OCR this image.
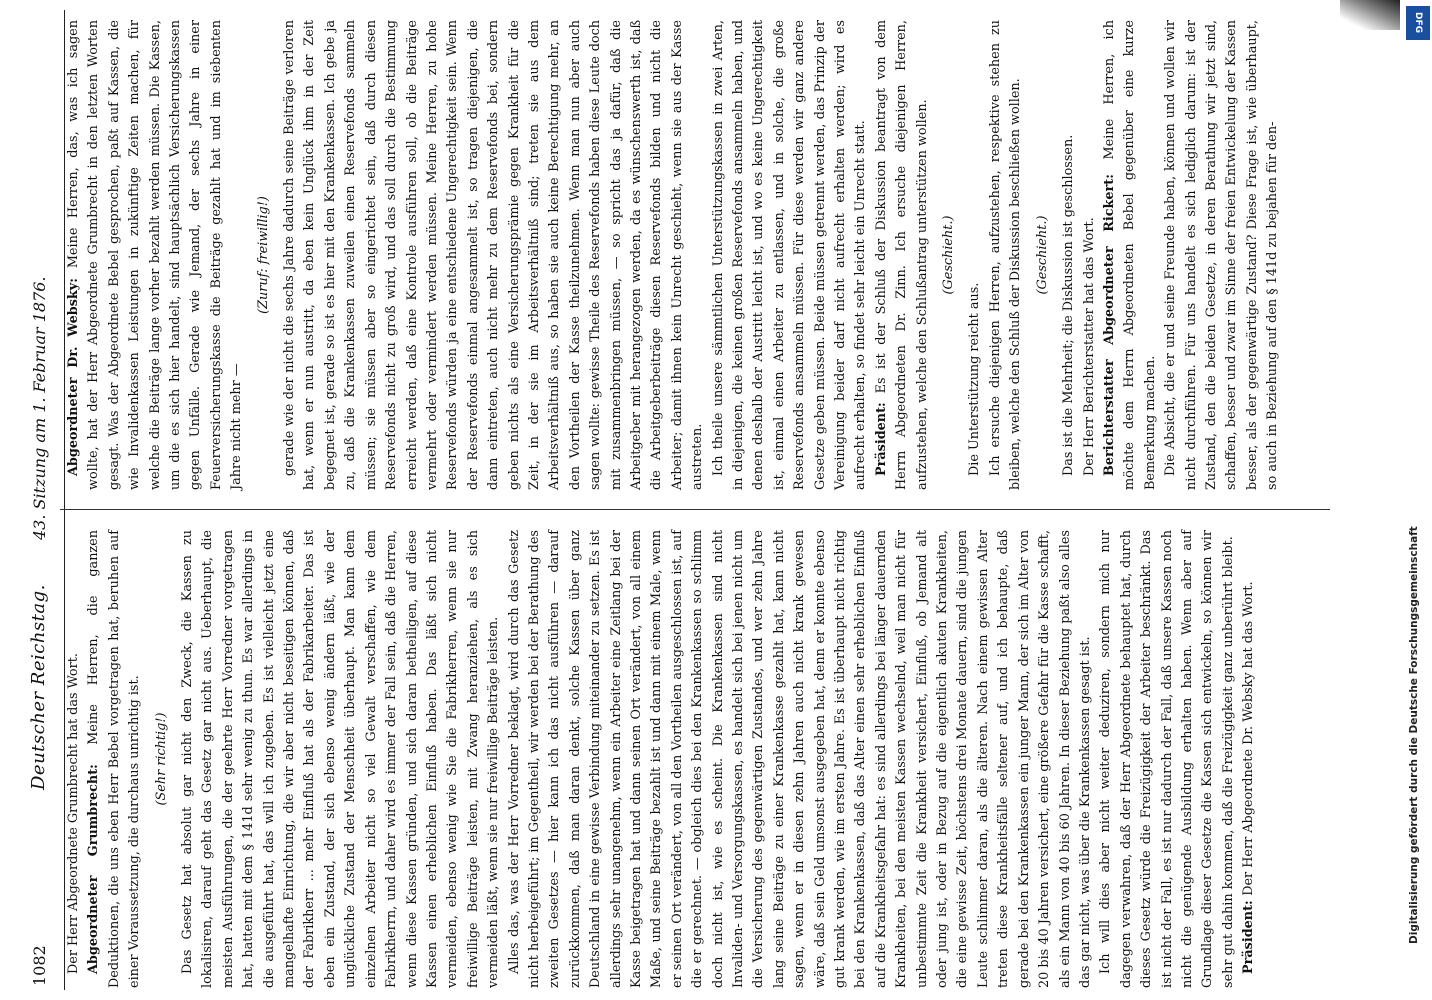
1082
Deutscher Reichstag.
43. Sitzung am 1. Februar 1876.

Der Herr Abgeordnete Grumbrecht hat das Wort. Abgeordneter Grumbrecht: Meine Herren, die ganzen Deduktionen, die uns eben Herr Bebel vorgetragen hat, beruhen auf einer Voraussetzung, die durchaus unrichtig ist. (Sehr richtig!) Das Gesetz hat absolut gar nicht den Zweck, die Kassen zu lokalisiren, darauf geht das Gesetz gar nicht aus. Ueberhaupt, die meisten Ausführungen, die der geehrte Herr Vorredner vorgetragen hat, hatten mit dem § 141d sehr wenig zu thun. Es war allerdings in die ausgeführt hat, das will ich zugeben. Es ist vielleicht jetzt eine mangelhafte Einrichtung, die wir aber nicht beseitigen können, daß der Fabrikherr ... mehr Einfluß hat als der Fabrikarbeiter. Das ist eben ein Zustand, der sich ebenso wenig ändern läßt, wie der unglückliche Zustand der Menschheit überhaupt. Man kann dem einzelnen Arbeiter nicht so viel Gewalt verschaffen, wie dem Fabrikherrn, und daher wird es immer der Fall sein, daß die Herren, wenn diese Kassen gründen, und sich daran betheiligen, auf diese Kassen einen erheblichen Einfluß haben. Das läßt sich nicht vermeiden, ebenso wenig wie Sie die Fabrikherren, wenn sie nur freiwillige Beiträge leisten, mit Zwang heranziehen, als es sich vermeiden läßt, wenn sie nur freiwillige Beiträge leisten. Alles das, was der Herr Vorredner beklagt, wird durch das Gesetz nicht herbeigeführt; im Gegentheil, wir werden bei der Berathung des zweiten Gesetzes — hier kann ich das nicht ausführen — darauf zurückkommen, daß man daran denkt, solche Kassen über ganz Deutschland in eine gewisse Verbindung miteinander zu setzen. Es ist allerdings sehr unangenehm, wenn ein Arbeiter eine Zeitlang bei der Kasse beigetragen hat und dann seinen Ort verändert, von all einem Maße, und seine Beiträge bezahlt ist und dann mit einem Male, wenn er seinen Ort verändert, von all den Vortheilen ausgeschlossen ist, auf die er gerechnet. — obgleich dies bei den Krankenkassen so schlimm doch nicht ist, wie es scheint. Die Krankenkassen sind nicht Invaliden- und Versorgungskassen, es handelt sich bei jenen nicht um die Versicherung des gegenwärtigen Zustandes, und wer zehn Jahre lang seine Beiträge zu einer Krankenkasse gezahlt hat, kann nicht sagen, wenn er in diesen zehn Jahren auch nicht krank gewesen wäre, daß sein Geld umsonst ausgegeben hat, denn er konnte ebenso gut krank werden, wie im ersten Jahre. Es ist überhaupt nicht richtig bei den Krankenkassen, daß das Alter einen sehr erheblichen Einfluß auf die Krankheitsgefahr hat: es sind allerdings bei länger dauernden Krankheiten, bei den meisten Kassen wechselnd, weil man nicht für unbestimmte Zeit die Krankheit versichert, Einfluß, ob Jemand alt oder jung ist, oder in Bezug auf die eigentlich akuten Krankheiten, die eine gewisse Zeit, höchstens drei Monate dauern, sind die jungen Leute schlimmer daran, als die älteren. Nach einem gewissen Alter treten diese Krankheitsfälle seltener auf, und ich behaupte, daß gerade bei den Krankenkassen ein junger Mann, der sich im Alter von 20 bis 40 Jahren versichert, eine größere Gefahr für die Kasse schafft, als ein Mann von 40 bis 60 Jahren. In dieser Beziehung paßt also alles das gar nicht, was über die Krankenkassen gesagt ist. Ich will dies aber nicht weiter deduziren, sondern mich nur dagegen verwahren, daß der Herr Abgeordnete behauptet hat, durch dieses Gesetz würde die Freizügigkeit der Arbeiter beschränkt. Das ist nicht der Fall, es ist nur dadurch der Fall, daß unsere Kassen noch nicht die genügende Ausbildung erhalten haben. Wenn aber auf Grundlage dieser Gesetze die Kassen sich entwickeln, so können wir sehr gut dahin kommen, daß die Freizügigkeit ganz unberührt bleibt. Präsident: Der Herr Abgeordnete Dr. Websky hat das Wort.

Abgeordneter Dr. Websky: Meine Herren, das, was ich sagen wollte, hat der Herr Abgeordnete Grumbrecht in den letzten Worten gesagt. Was der Abgeordnete Bebel gesprochen, paßt auf Kassen, die wie Invalidenkassen Leistungen in zukünftige Zeiten machen, für welche die Beiträge lange vorher bezahlt werden müssen. Die Kassen, um die es sich hier handelt, sind hauptsächlich Versicherungskassen gegen Unfälle. Gerade wie Jemand, der sechs Jahre in einer Feuerversicherungskasse die Beiträge gezahlt hat und im siebenten Jahre nicht mehr —

(Zuruf: freiwillig!) gerade wie der nicht die sechs Jahre dadurch seine Beiträge verloren hat, wenn er nun austritt, da eben kein Unglück ihm in der Zeit begegnet ist, gerade so ist es hier mit den Krankenkassen. Ich gebe ja zu, daß die Krankenkassen zuweilen einen Reservefonds sammeln müssen; sie müssen aber so eingerichtet sein, daß durch diesen Reservefonds nicht zu groß wird, und das soll durch die Bestimmung erreicht werden, daß eine Kontrole ausführen soll, ob die Beiträge vermehrt oder vermindert werden müssen. Meine Herren, zu hohe Reservefonds würden ja eine entschiedene Ungerechtigkeit sein. Wenn der Reservefonds einmal angesammelt ist, so tragen diejenigen, die dann eintreten, auch nicht mehr zu dem Reservefonds bei, sondern geben nichts als eine Versicherungsprämie gegen Krankheit für die Zeit, in der sie im Arbeitsverhältniß sind; treten sie aus dem Arbeitsverhältniß aus, so haben sie auch keine Berechtigung mehr, an den Vortheilen der Kasse theilzunehmen. Wenn man nun aber auch sagen wollte: gewisse Theile des Reservefonds haben diese Leute doch mit zusammenbringen müssen, — so spricht das ja dafür, daß die Arbeitgeber mit herangezogen werden, da es wünschenswerth ist, daß die Arbeitgeberbeiträge diesen Reservefonds bilden und nicht die Arbeiter; damit ihnen kein Unrecht geschieht, wenn sie aus der Kasse austreten. Ich theile unsere sämmtlichen Unterstützungskassen in zwei Arten, in diejenigen, die keinen großen Reservefonds ansammeln haben, und denen deshalb der Austritt leicht ist, und wo es keine Ungerechtigkeit ist, einmal einen Arbeiter zu entlassen, und in solche, die große Reservefonds ansammeln müssen. Für diese werden wir ganz andere Gesetze geben müssen. Beide müssen getrennt werden, das Prinzip der Vereinigung beider darf nicht aufrecht erhalten werden; wird es aufrecht erhalten, so findet sehr leicht ein Unrecht statt. Präsident: Es ist der Schluß der Diskussion beantragt von dem Herrn Abgeordneten Dr. Zinn. Ich ersuche diejenigen Herren, aufzustehen, welche den Schlußantrag unterstützen wollen. (Geschieht.)

Die Unterstützung reicht aus. Ich ersuche diejenigen Herren, aufzustehen, respektive stehen zu bleiben, welche den Schluß der Diskussion beschließen wollen. (Geschieht.) Das ist die Mehrheit; die Diskussion ist geschlossen. Der Herr Berichterstatter hat das Wort. Berichterstatter Abgeordneter Rickert: Meine Herren, ich möchte dem Herrn Abgeordneten Bebel gegenüber eine kurze Bemerkung machen. Die Absicht, die er und seine Freunde haben, können und wollen wir nicht durchführen. Für uns handelt es sich lediglich darum: ist der Zustand, den die beiden Gesetze, in deren Berathung wir jetzt sind, schaffen, besser und zwar im Sinne der freien Entwickelung der Kassen besser, als der gegenwärtige Zustand? Diese Frage ist, wie überhaupt, so auch in Beziehung auf den § 141d zu bejahen für den-

DFG
Digitalisierung gefördert durch die Deutsche Forschungsgemeinschaft
